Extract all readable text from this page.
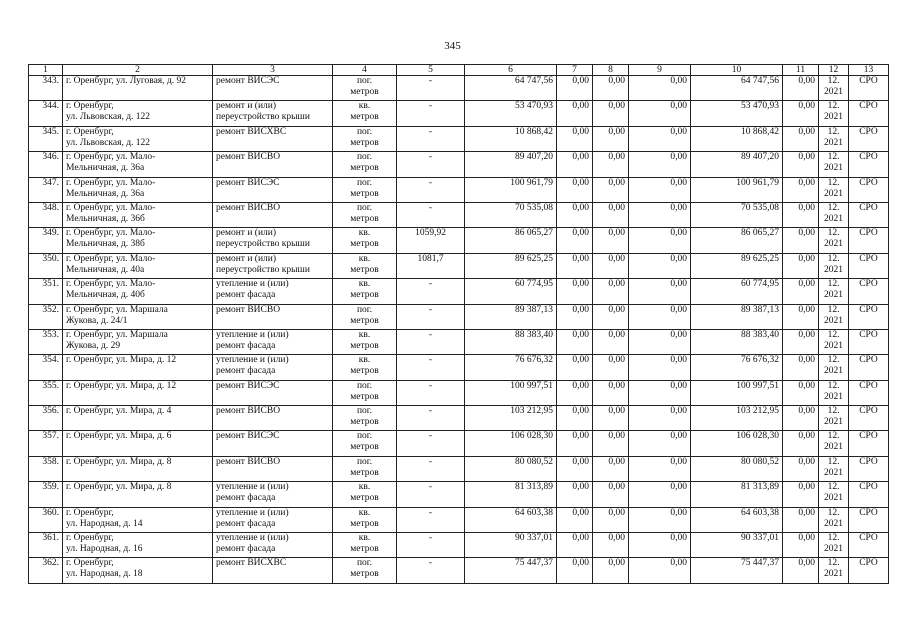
345
1	2	3	4	5	6	7	8	9	10	11	12	13

343.	г. Оренбург, ул. Луговая, д. 92	ремонт ВИСЭС	пог.
метров	-	64 747,56	0,00	0,00	0,00	64 747,56	0,00	12.
2021	СРО

344.	г. Оренбург,
ул. Львовская, д. 122	ремонт и (или)
переустройство крыши	кв.
метров	-	53 470,93	0,00	0,00	0,00	53 470,93	0,00	12.
2021	СРО

345.	г. Оренбург,
ул. Львовская, д. 122	ремонт ВИСХВС	пог.
метров	-	10 868,42	0,00	0,00	0,00	10 868,42	0,00	12.
2021	СРО

346.	г. Оренбург, ул. Мало-
Мельничная, д. 36а	ремонт ВИСВО	пог.
метров	-	89 407,20	0,00	0,00	0,00	89 407,20	0,00	12.
2021	СРО

347.	г. Оренбург, ул. Мало-
Мельничная, д. 36а	ремонт ВИСЭС	пог.
метров	-	100 961,79	0,00	0,00	0,00	100 961,79	0,00	12.
2021	СРО

348.	г. Оренбург, ул. Мало-
Мельничная, д. 36б	ремонт ВИСВО	пог.
метров	-	70 535,08	0,00	0,00	0,00	70 535,08	0,00	12.
2021	СРО

349.	г. Оренбург, ул. Мало-
Мельничная, д. 38б	ремонт и (или)
переустройство крыши	кв.
метров	1059,92	86 065,27	0,00	0,00	0,00	86 065,27	0,00	12.
2021	СРО

350.	г. Оренбург, ул. Мало-
Мельничная, д. 40а	ремонт и (или)
переустройство крыши	кв.
метров	1081,7	89 625,25	0,00	0,00	0,00	89 625,25	0,00	12.
2021	СРО

351.	г. Оренбург, ул. Мало-
Мельничная, д. 40б	утепление и (или)
ремонт фасада	кв.
метров	-	60 774,95	0,00	0,00	0,00	60 774,95	0,00	12.
2021	СРО

352.	г. Оренбург, ул. Маршала
Жукова, д. 24/1	ремонт ВИСВО	пог.
метров	-	89 387,13	0,00	0,00	0,00	89 387,13	0,00	12.
2021	СРО

353.	г. Оренбург, ул. Маршала
Жукова, д. 29	утепление и (или)
ремонт фасада	кв.
метров	-	88 383,40	0,00	0,00	0,00	88 383,40	0,00	12.
2021	СРО

354.	г. Оренбург, ул. Мира, д. 12	утепление и (или)
ремонт фасада	кв.
метров	-	76 676,32	0,00	0,00	0,00	76 676,32	0,00	12.
2021	СРО

355.	г. Оренбург, ул. Мира, д. 12	ремонт ВИСЭС	пог.
метров	-	100 997,51	0,00	0,00	0,00	100 997,51	0,00	12.
2021	СРО

356.	г. Оренбург, ул. Мира, д. 4	ремонт ВИСВО	пог.
метров	-	103 212,95	0,00	0,00	0,00	103 212,95	0,00	12.
2021	СРО

357.	г. Оренбург, ул. Мира, д. 6	ремонт ВИСЭС	пог.
метров	-	106 028,30	0,00	0,00	0,00	106 028,30	0,00	12.
2021	СРО

358.	г. Оренбург, ул. Мира, д. 8	ремонт ВИСВО	пог.
метров	-	80 080,52	0,00	0,00	0,00	80 080,52	0,00	12.
2021	СРО

359.	г. Оренбург, ул. Мира, д. 8	утепление и (или)
ремонт фасада	кв.
метров	-	81 313,89	0,00	0,00	0,00	81 313,89	0,00	12.
2021	СРО

360.	г. Оренбург,
ул. Народная, д. 14	утепление и (или)
ремонт фасада	кв.
метров	-	64 603,38	0,00	0,00	0,00	64 603,38	0,00	12.
2021	СРО

361.	г. Оренбург,
ул. Народная, д. 16	утепление и (или)
ремонт фасада	кв.
метров	-	90 337,01	0,00	0,00	0,00	90 337,01	0,00	12.
2021	СРО

362.	г. Оренбург,
ул. Народная, д. 18	ремонт ВИСХВС	пог.
метров	-	75 447,37	0,00	0,00	0,00	75 447,37	0,00	12.
2021	СРО
